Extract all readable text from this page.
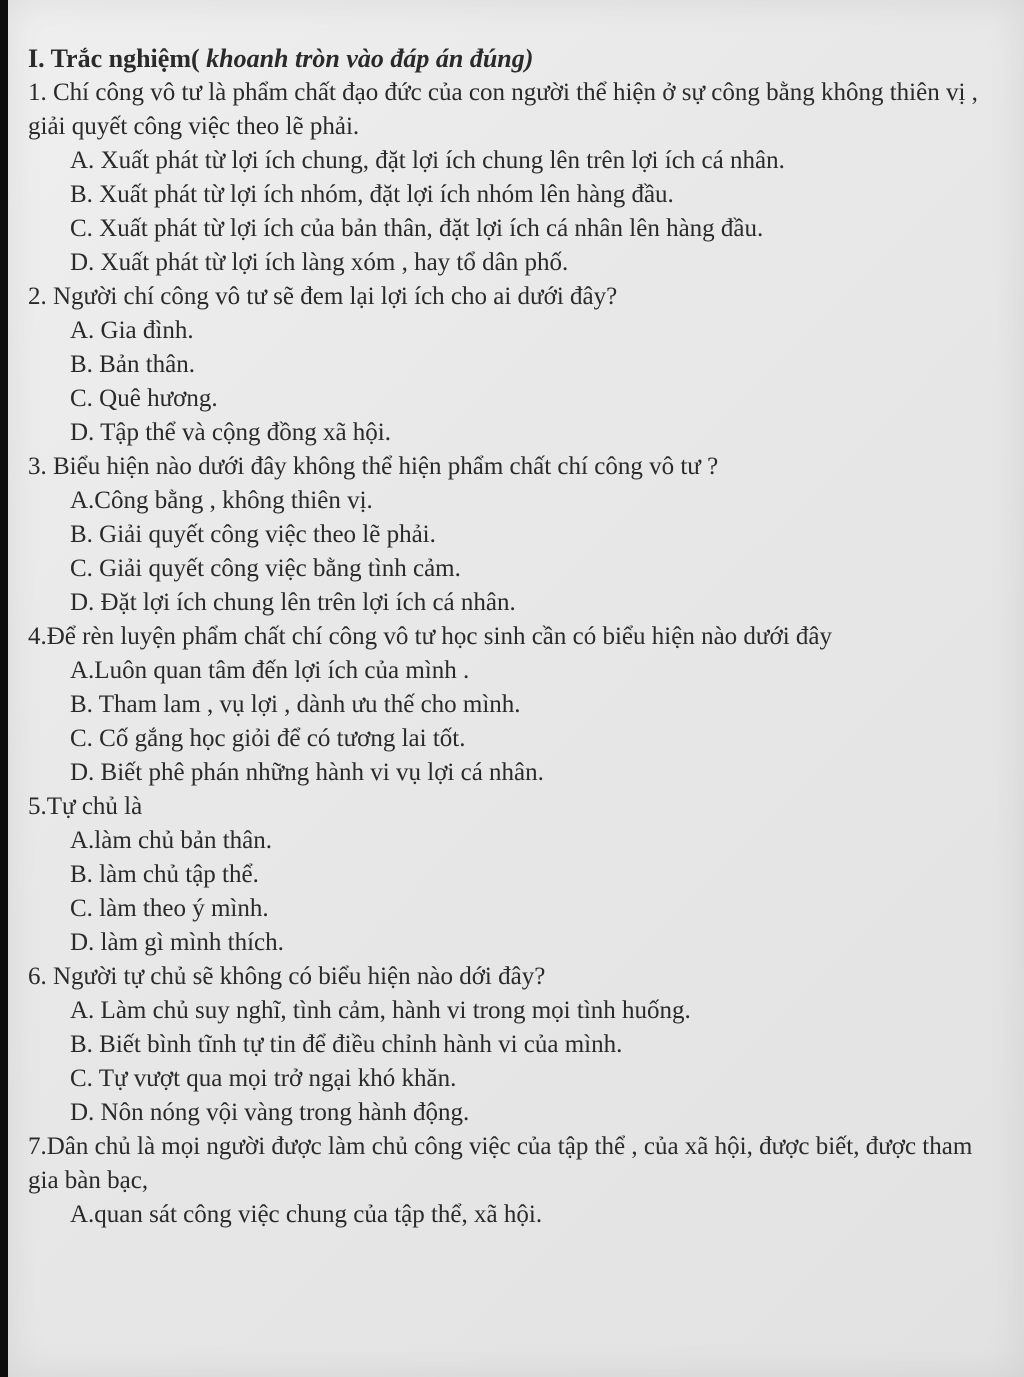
I. Trắc nghiệm( khoanh tròn vào đáp án đúng)

1. Chí công vô tư là phẩm chất đạo đức của con người thể hiện ở sự công bằng không thiên vị , giải quyết công việc theo lẽ phải.

A. Xuất phát từ lợi ích chung, đặt lợi ích chung lên trên lợi ích cá nhân.

B. Xuất phát từ lợi ích nhóm, đặt lợi ích nhóm lên hàng đầu.

C. Xuất phát từ lợi ích của bản thân, đặt lợi ích cá nhân lên hàng đầu.

D. Xuất phát từ lợi ích làng xóm , hay tổ dân phố.

2. Người chí công vô tư sẽ đem lại lợi ích cho ai dưới đây?

A. Gia đình.

B. Bản thân.

C. Quê hương.

D. Tập thể và cộng đồng xã hội.

3. Biểu hiện nào dưới đây không thể hiện phẩm chất chí công vô tư ?

A.Công bằng , không thiên vị.

B. Giải quyết công việc theo lẽ phải.

C. Giải quyết công việc bằng tình cảm.

D. Đặt lợi ích chung lên trên lợi ích cá nhân.

4.Để rèn luyện phẩm chất chí công vô tư học sinh cần có biểu hiện nào dưới đây

A.Luôn quan tâm đến lợi ích của mình .

B. Tham lam , vụ lợi , dành ưu thế cho mình.

C. Cố gắng học giỏi để có tương lai tốt.

D. Biết phê phán những hành vi vụ lợi cá nhân.

5.Tự chủ là

A.làm chủ bản thân.

B. làm chủ tập thể.

C. làm theo ý mình.

D. làm gì mình thích.

6. Người tự chủ sẽ không có biểu hiện nào dới đây?

A. Làm chủ suy nghĩ, tình cảm, hành vi trong mọi tình huống.

B. Biết bình tĩnh tự tin để điều chỉnh hành vi của mình.

C. Tự vượt qua mọi trở ngại khó khăn.

D. Nôn nóng vội vàng trong hành động.

7.Dân chủ là mọi người được làm chủ công việc của tập thể , của xã hội, được biết, được tham gia bàn bạc,

A.quan sát công việc chung của tập thể, xã hội.
